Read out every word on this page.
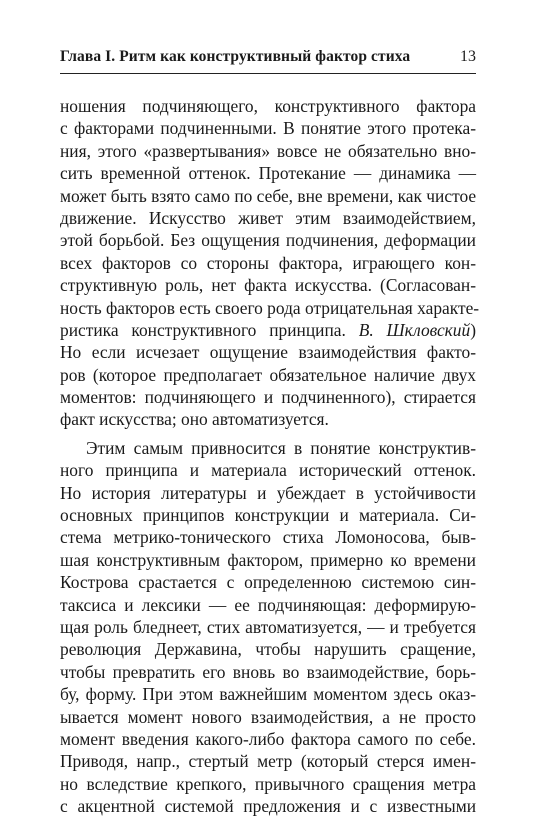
Глава I. Ритм как конструктивный фактор стиха	13
ношения подчиняющего, конструктивного фактора
с факторами подчиненными. В понятие этого протека-
ния, этого «развертывания» вовсе не обязательно вно-
сить временной оттенок. Протекание — динамика —
может быть взято само по себе, вне времени, как чистое
движение. Искусство живет этим взаимодействием,
этой борьбой. Без ощущения подчинения, деформации
всех факторов со стороны фактора, играющего кон-
структивную роль, нет факта искусства. (Согласован-
ность факторов есть своего рода отрицательная характе-
ристика конструктивного принципа. В. Шкловский)
Но если исчезает ощущение взаимодействия факто-
ров (которое предполагает обязательное наличие двух
моментов: подчиняющего и подчиненного), стирается
факт искусства; оно автоматизуется.
Этим самым привносится в понятие конструктив-
ного принципа и материала исторический оттенок.
Но история литературы и убеждает в устойчивости
основных принципов конструкции и материала. Си-
стема метрико-тонического стиха Ломоносова, быв-
шая конструктивным фактором, примерно ко времени
Кострова срастается с определенною системою син-
таксиса и лексики — ее подчиняющая: деформирую-
щая роль бледнеет, стих автоматизуется, — и требуется
революция Державина, чтобы нарушить сращение,
чтобы превратить его вновь во взаимодействие, борь-
бу, форму. При этом важнейшим моментом здесь оказ-
ывается момент нового взаимодействия, а не просто
момент введения какого-либо фактора самого по себе.
Приводя, напр., стертый метр (который стерся имен-
но вследствие крепкого, привычного сращения метра
с акцентной системой предложения и с известными
